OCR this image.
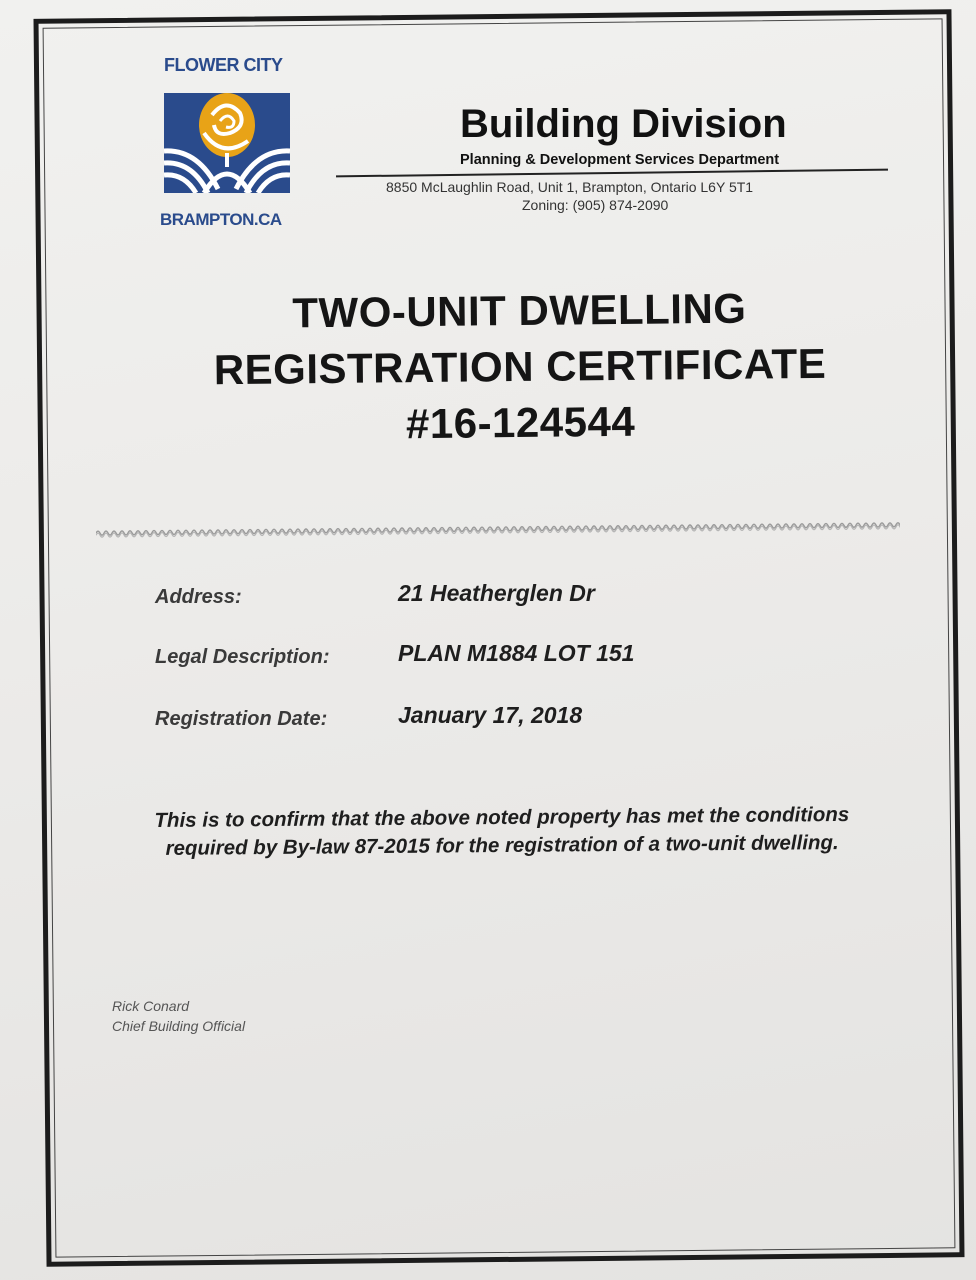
FLOWER CITY
BRAMPTON.CA
Building Division
Planning & Development Services Department
8850 McLaughlin Road, Unit 1, Brampton, Ontario L6Y 5T1
Zoning: (905) 874-2090
TWO-UNIT DWELLING
REGISTRATION CERTIFICATE
#16-124544
Address:	21 Heatherglen Dr
Legal Description:	PLAN M1884 LOT 151
Registration Date:	January 17, 2018
This is to confirm that the above noted property has met the conditions
required by By-law 87-2015 for the registration of a two-unit dwelling.
Rick Conard
Chief Building Official
